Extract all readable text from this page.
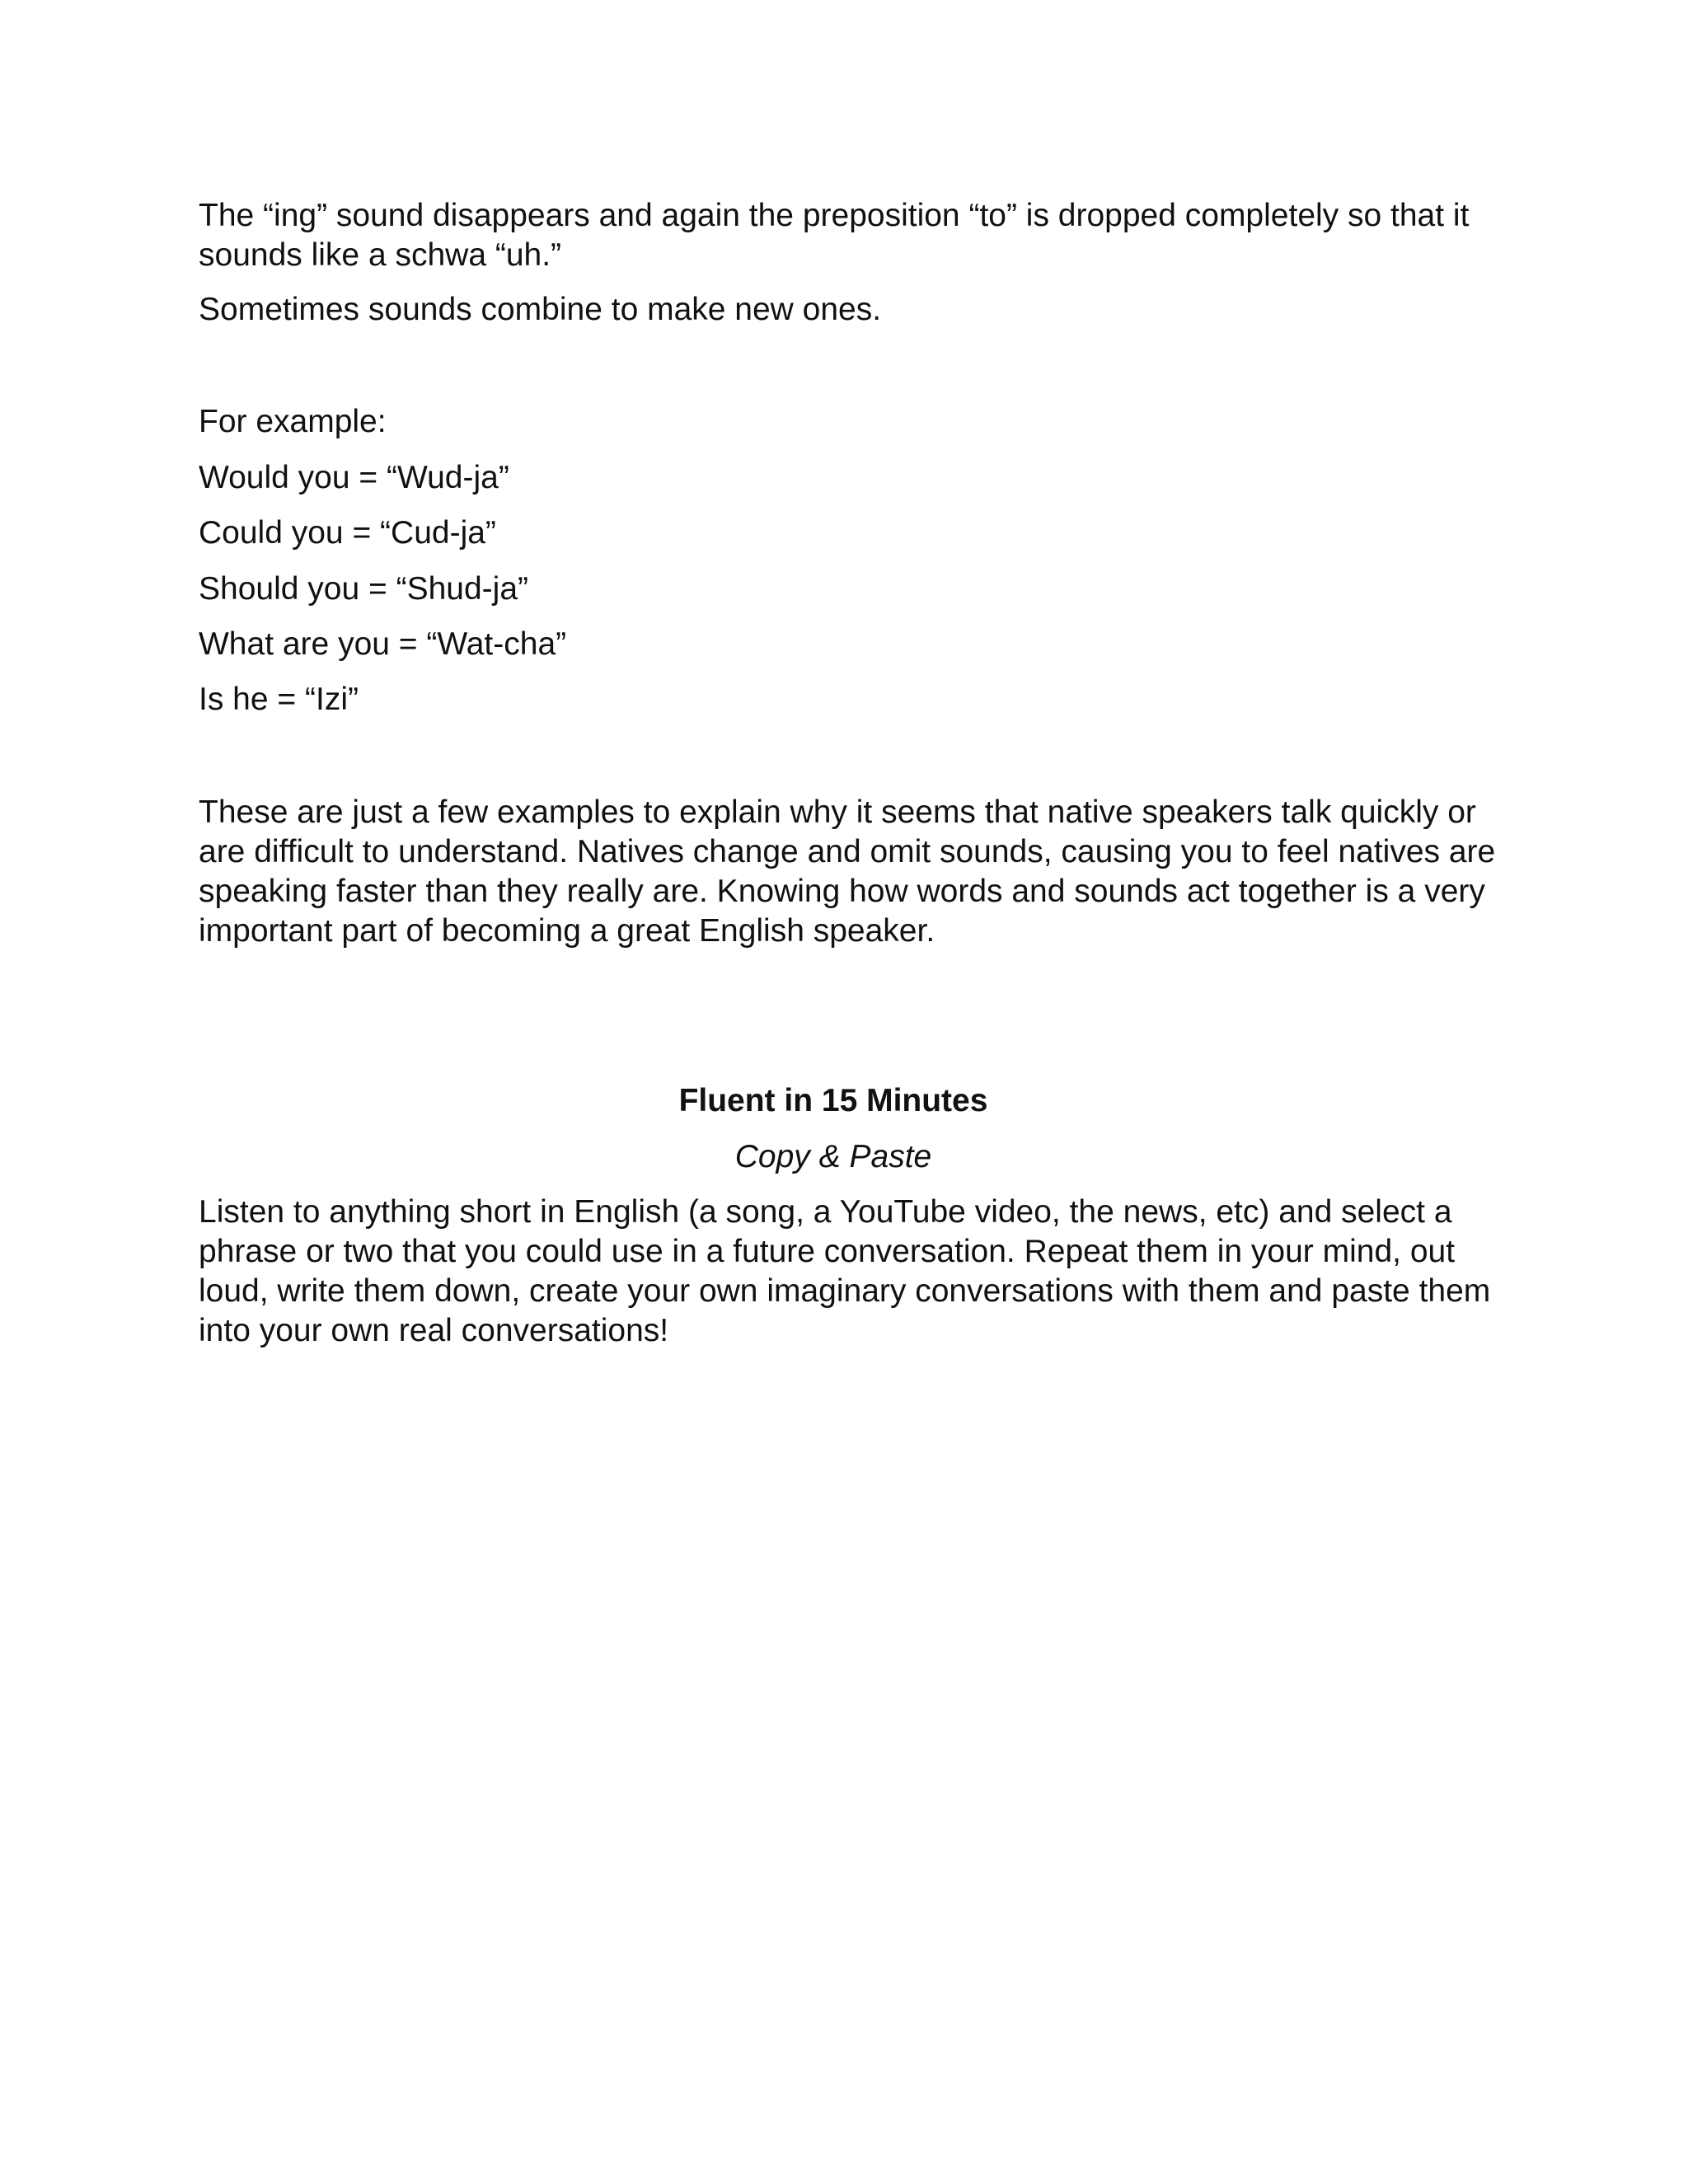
The “ing” sound disappears and again the preposition “to” is dropped completely so that it sounds like a schwa “uh.”

Sometimes sounds combine to make new ones.

For example:

Would you = “Wud-ja”

Could you = “Cud-ja”

Should you = “Shud-ja”

What are you = “Wat-cha”

Is he = “Izi”

These are just a few examples to explain why it seems that native speakers talk quickly or are difficult to understand. Natives change and omit sounds, causing you to feel natives are speaking faster than they really are. Knowing how words and sounds act together is a very important part of becoming a great English speaker.

Fluent in 15 Minutes

Copy & Paste

Listen to anything short in English (a song, a YouTube video, the news, etc) and select a phrase or two that you could use in a future conversation. Repeat them in your mind, out loud, write them down, create your own imaginary conversations with them and paste them into your own real conversations!
